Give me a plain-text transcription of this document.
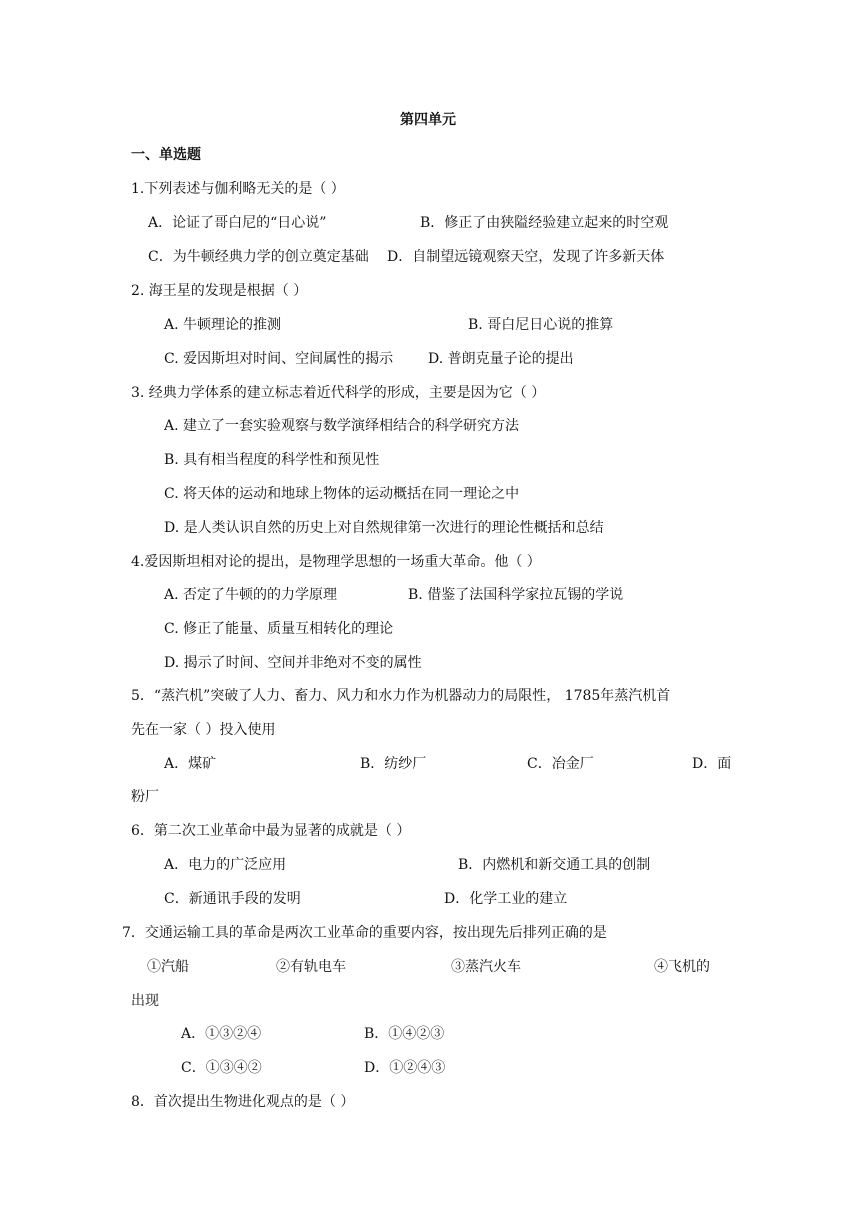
第四单元
一、单选题
1.下列表述与伽利略无关的是（ ）
A．论证了哥白尼的“日心说”	B．修正了由狭隘经验建立起来的时空观
C．为牛顿经典力学的创立奠定基础 D．自制望远镜观察天空，发现了许多新天体
2. 海王星的发现是根据（ ）
A. 牛顿理论的推测	B. 哥白尼日心说的推算
C. 爱因斯坦对时间、空间属性的揭示 D. 普朗克量子论的提出
3. 经典力学体系的建立标志着近代科学的形成，主要是因为它（ ）
A. 建立了一套实验观察与数学演绎相结合的科学研究方法
B. 具有相当程度的科学性和预见性
C. 将天体的运动和地球上物体的运动概括在同一理论之中
D. 是人类认识自然的历史上对自然规律第一次进行的理论性概括和总结
4.爱因斯坦相对论的提出，是物理学思想的一场重大革命。他（ ）
A. 否定了牛顿的的力学原理	B. 借鉴了法国科学家拉瓦锡的学说
C. 修正了能量、质量互相转化的理论
D. 揭示了时间、空间并非绝对不变的属性
5．“蒸汽机”突破了人力、畜力、风力和水力作为机器动力的局限性， 1785年蒸汽机首
先在一家（ ）投入使用
A．煤矿	B．纺纱厂	C．冶金厂	D．面
粉厂
6．第二次工业革命中最为显著的成就是（ ）
A．电力的广泛应用	B．内燃机和新交通工具的创制
C．新通讯手段的发明	D．化学工业的建立
7．交通运输工具的革命是两次工业革命的重要内容，按出现先后排列正确的是
①汽船	②有轨电车	③蒸汽火车	④飞机的
出现
A．①③②④	B．①④②③
C．①③④②	D．①②④③
8．首次提出生物进化观点的是（ ）
